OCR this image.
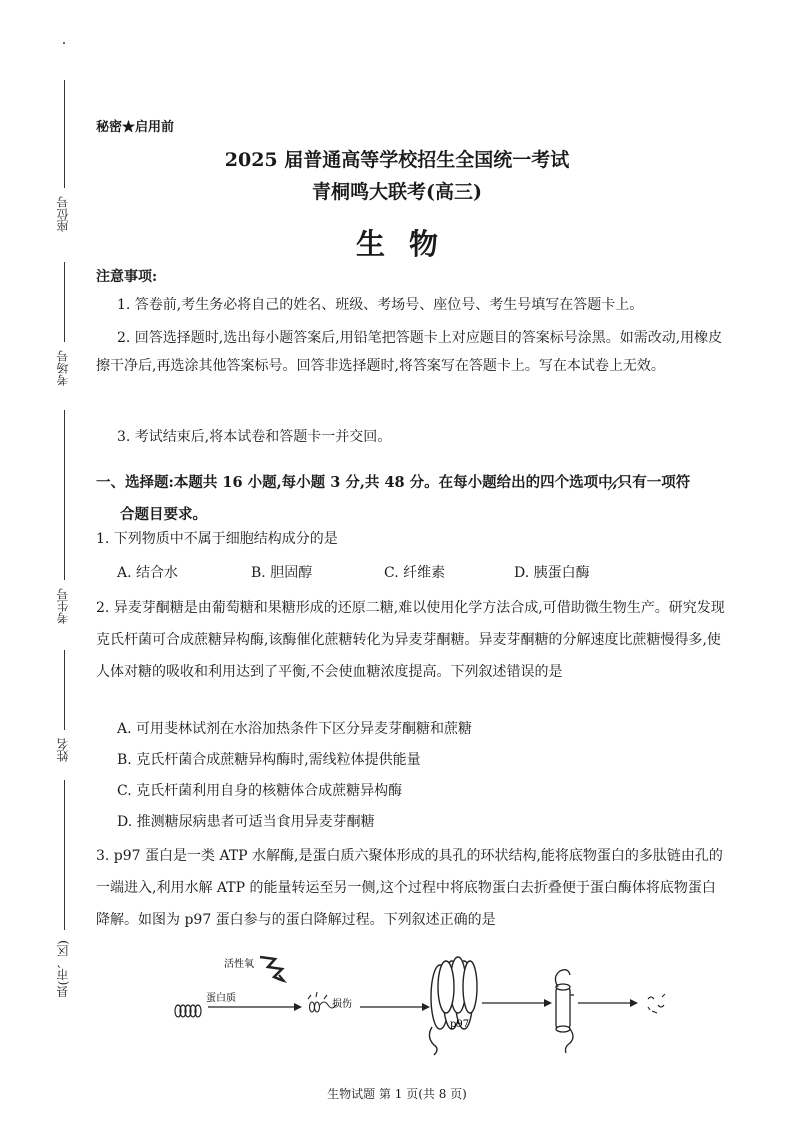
座位号
考场号
考生号
姓名
县(市、区)
秘密★启用前
2025 届普通高等学校招生全国统一考试
青桐鸣大联考(高三)
生物
注意事项:
1. 答卷前,考生务必将自己的姓名、班级、考场号、座位号、考生号填写在答题卡上。
2. 回答选择题时,选出每小题答案后,用铅笔把答题卡上对应题目的答案标号涂黑。如需改动,用橡皮擦干净后,再选涂其他答案标号。回答非选择题时,将答案写在答题卡上。写在本试卷上无效。
3. 考试结束后,将本试卷和答题卡一并交回。
一、选择题:本题共 16 小题,每小题 3 分,共 48 分。在每小题给出的四个选项中,只有一项符
合题目要求。
1. 下列物质中不属于细胞结构成分的是
A. 结合水	B. 胆固醇	C. 纤维素	D. 胰蛋白酶
2. 异麦芽酮糖是由葡萄糖和果糖形成的还原二糖,难以使用化学方法合成,可借助微生物生产。研究发现克氏杆菌可合成蔗糖异构酶,该酶催化蔗糖转化为异麦芽酮糖。异麦芽酮糖的分解速度比蔗糖慢得多,使人体对糖的吸收和利用达到了平衡,不会使血糖浓度提高。下列叙述错误的是
A. 可用斐林试剂在水浴加热条件下区分异麦芽酮糖和蔗糖
B. 克氏杆菌合成蔗糖异构酶时,需线粒体提供能量
C. 克氏杆菌利用自身的核糖体合成蔗糖异构酶
D. 推测糖尿病患者可适当食用异麦芽酮糖
3. p97 蛋白是一类 ATP 水解酶,是蛋白质六聚体形成的具孔的环状结构,能将底物蛋白的多肽链由孔的一端进入,利用水解 ATP 的能量转运至另一侧,这个过程中将底物蛋白去折叠便于蛋白酶体将底物蛋白降解。如图为 p97 蛋白参与的蛋白降解过程。下列叙述正确的是
活性氧
蛋白质
损伤
p97
生物试题 第 1 页(共 8 页)
